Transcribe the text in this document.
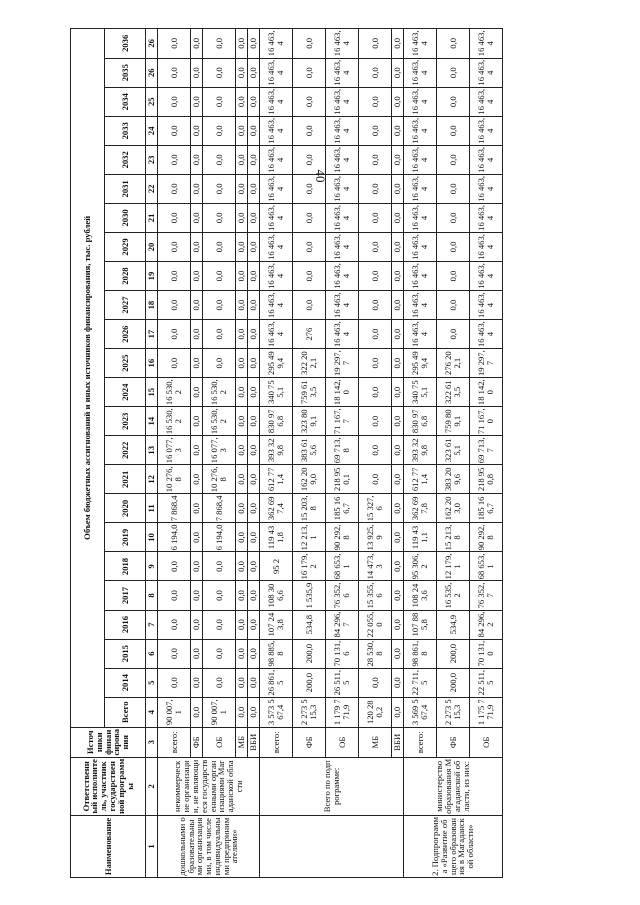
40
Наименование	Ответственный исполнитель, участник государственной программы	Источники финансирования	Объем бюджетных ассигнований и иных источников финансирования, тыс. рублей																							
			Всего	2014	2015	2016	2017	2018	2019	2020	2021	2022	2023	2024	2025	2026	2027	2028	2029	2030	2031	2032	2033	2034	2035	2036
1	2	3	4	5	6	7	8	9	10	11	12	13	14	15	16	17	18	19	20	21	22	23	24	25	26	26
дошкольными образовательными организациями, в том числе индивидуальными предпринимателями»	некоммерческие организации, не являющиеся государственными организациями Магаданской области	всего:	90 007,1	0,0	0,0	0,0	0,0	0,0	6 194,0	7 868,4	10 276,8	16 077,3	16 530,2	16 530,2	0,0	0,0	0,0	0,0	0,0	0,0	0,0	0,0	0,0	0,0	0,0	0,0
		ФБ	0,0	0,0	0,0	0,0	0,0	0,0	0,0	0,0	0,0	0,0	0,0	0,0	0,0	0,0	0,0	0,0	0,0	0,0	0,0	0,0	0,0	0,0	0,0	0,0
		ОБ	90 007,1	0,0	0,0	0,0	0,0	0,0	6 194,0	7 868,4	10 276,8	16 077,3	16 530,2	16 530,2	0,0	0,0	0,0	0,0	0,0	0,0	0,0	0,0	0,0	0,0	0,0	0,0
		МБ	0,0	0,0	0,0	0,0	0,0	0,0	0,0	0,0	0,0	0,0	0,0	0,0	0,0	0,0	0,0	0,0	0,0	0,0	0,0	0,0	0,0	0,0	0,0	0,0
		ВБИ	0,0	0,0	0,0	0,0	0,0	0,0	0,0	0,0	0,0	0,0	0,0	0,0	0,0	0,0	0,0	0,0	0,0	0,0	0,0	0,0	0,0	0,0	0,0	0,0
	Всего по подпрограмме:	всего:	3 573 567,4	26 861,5	98 885,8	107 243,8	108 306,6	95 2	119 431,8	362 697,4	612 771,4	393 329,8	830 976,8	340 755,1	295 499,4	16 463,4	16 463,4	16 463,4	16 463,4	16 463,4	16 463,4	16 463,4	16 463,4	16 463,4	16 463,4	16 463,4
		ФБ	2 273 515,3	200,0	200,0	534,8	1 535,9	16 179,2	12 213,1	15 203,8	162 209,0	383 615,6	323 809,1	759 613,5	322 202,1	276	0,0	0,0	0,0	0,0	0,0	0,0	0,0	0,0	0,0	0,0
		ОБ	1 179 771,9	26 511,5	70 131,6	84 296,7	76 352,6	68 653,1	90 292,8	185 166,7	218 950,1	69 713,8	71 167,7	18 142,0	19 297,7	16 463,4	16 463,4	16 463,4	16 463,4	16 463,4	16 463,4	16 463,4	16 463,4	16 463,4	16 463,4	16 463,4
		МБ	120 280,2	0,0	28 530,8	22 055,0	15 355,6	14 473,3	13 925,9	15 327,6	0,0	0,0	0,0	0,0	0,0	0,0	0,0	0,0	0,0	0,0	0,0	0,0	0,0	0,0	0,0	0,0
		ВБИ	0,0	0,0	0,0	0,0	0,0	0,0	0,0	0,0	0,0	0,0	0,0	0,0	0,0	0,0	0,0	0,0	0,0	0,0	0,0	0,0	0,0	0,0	0,0	0,0
2. Подпрограмма «Развитие общего образования в Магаданской области»	министерство образования Магаданской области, из них:	всего:	3 569 567,4	22 711,5	98 861,8	107 885,8	108 243,6	95 306,2	119 431,1	362 697,8	612 771,4	393 329,8	830 976,8	340 755,1	295 499,4	16 463,4	16 463,4	16 463,4	16 463,4	16 463,4	16 463,4	16 463,4	16 463,4	16 463,4	16 463,4	16 463,4
		ФБ	2 273 515,3	200,0	200,0	534,9	16 535,2	12 179,1	15 213,8	162 203,0	383 209,6	323 615,1	759 809,1	322 613,5	276 202,1	0,0	0,0	0,0	0,0	0,0	0,0	0,0	0,0	0,0	0,0	0,0
		ОБ	1 175 771,9	22 511,5	70 131,0	84 296,2	76 352,7	68 653,1	90 292,8	185 166,7	218 950,8	69 713,7	71 167,0	18 142,0	19 297,7	16 463,4	16 463,4	16 463,4	16 463,4	16 463,4	16 463,4	16 463,4	16 463,4	16 463,4	16 463,4	16 463,4
